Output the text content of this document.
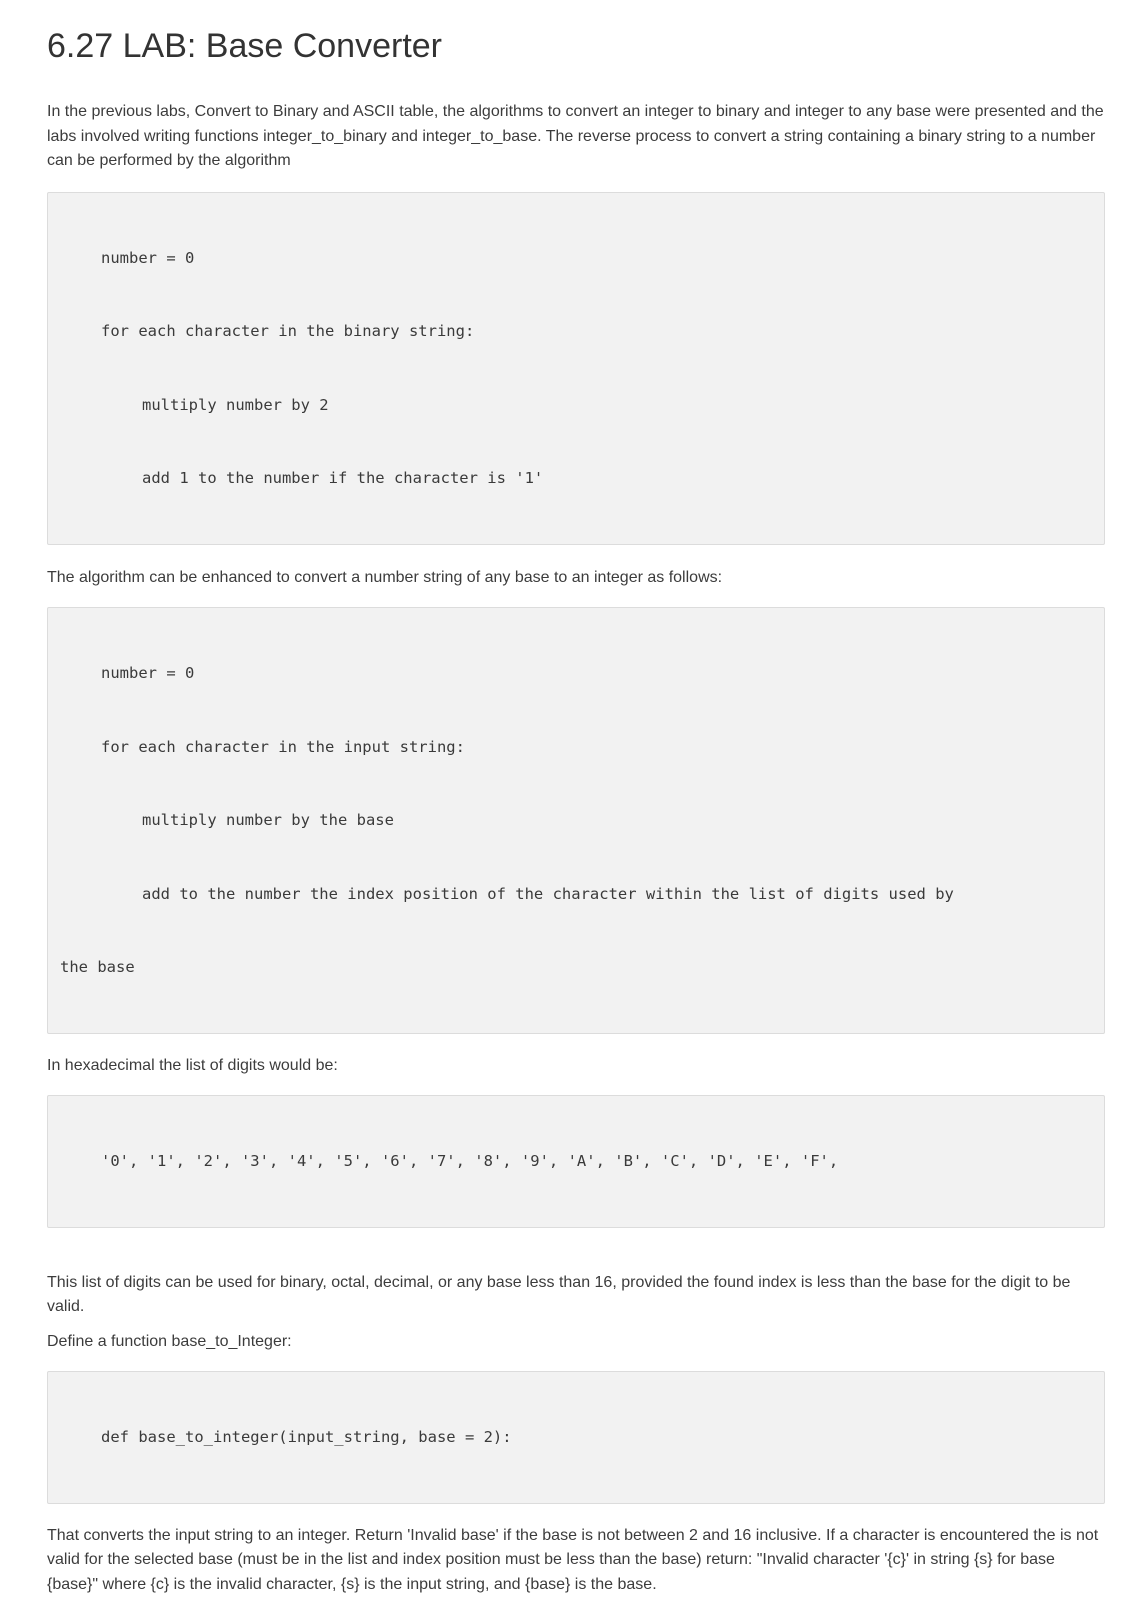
6.27 LAB: Base Converter

In the previous labs, Convert to Binary and ASCII table, the algorithms to convert an integer to binary and integer to any base were presented and the labs involved writing functions integer_to_binary and integer_to_base. The reverse process to convert a string containing a binary string to a number can be performed by the algorithm

number = 0

for each character in the binary string:

multiply number by 2

add 1 to the number if the character is '1'

The algorithm can be enhanced to convert a number string of any base to an integer as follows:

number = 0

for each character in the input string:

multiply number by the base

add to the number the index position of the character within the list of digits used by

the base

In hexadecimal the list of digits would be:

'0', '1', '2', '3', '4', '5', '6', '7', '8', '9', 'A', 'B', 'C', 'D', 'E', 'F',

This list of digits can be used for binary, octal, decimal, or any base less than 16, provided the found index is less than the base for the digit to be valid.

Define a function base_to_Integer:

def base_to_integer(input_string, base = 2):

That converts the input string to an integer. Return 'Invalid base' if the base is not between 2 and 16 inclusive. If a character is encountered the is not valid for the selected base (must be in the list and index position must be less than the base) return: "Invalid character '{c}' in string {s} for base {base}" where {c} is the invalid character, {s} is the input string, and {base} is the base.
